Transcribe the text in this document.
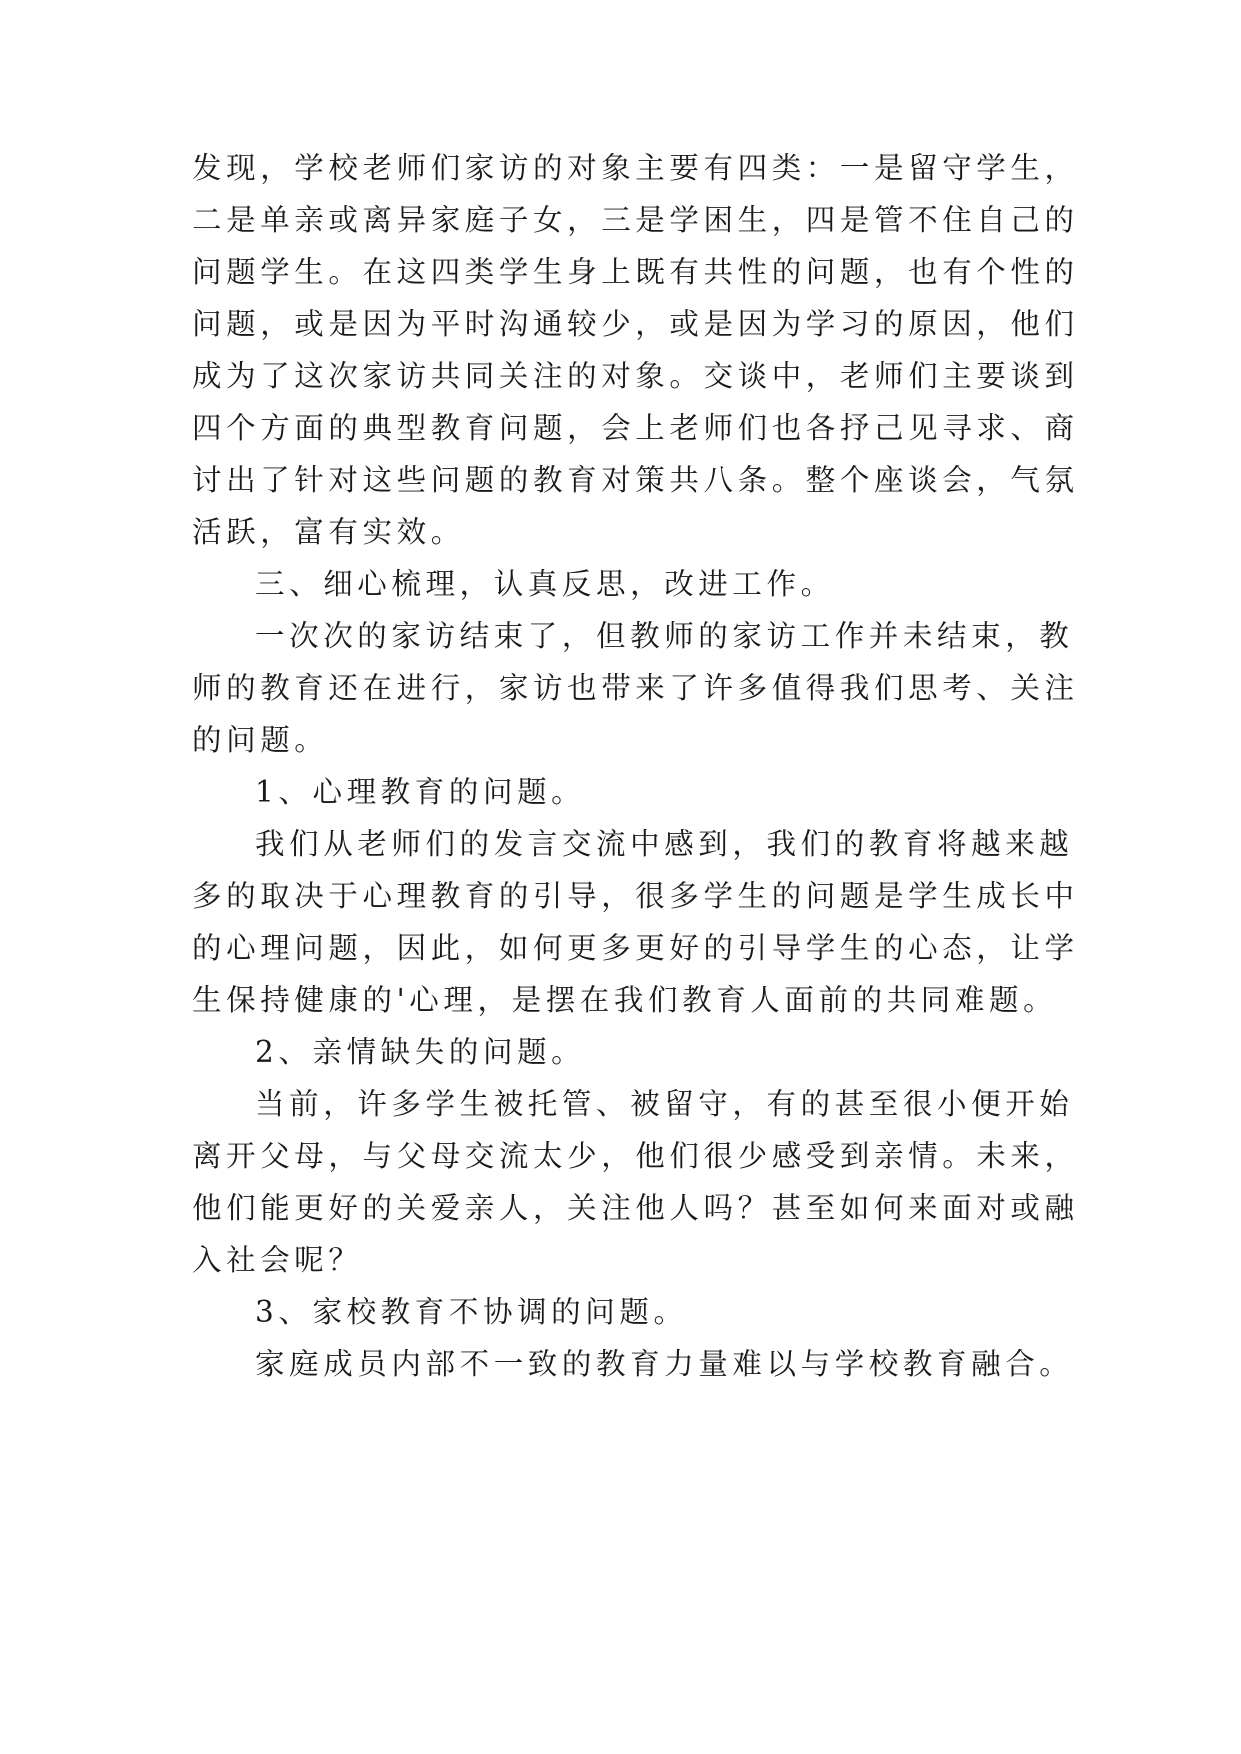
发现，学校老师们家访的对象主要有四类：一是留守学生，
二是单亲或离异家庭子女，三是学困生，四是管不住自己的
问题学生。在这四类学生身上既有共性的问题，也有个性的
问题，或是因为平时沟通较少，或是因为学习的原因，他们
成为了这次家访共同关注的对象。交谈中，老师们主要谈到
四个方面的典型教育问题，会上老师们也各抒己见寻求、商
讨出了针对这些问题的教育对策共八条。整个座谈会，气氛
活跃，富有实效。
三、细心梳理，认真反思，改进工作。
一次次的家访结束了，但教师的家访工作并未结束，教
师的教育还在进行，家访也带来了许多值得我们思考、关注
的问题。
1、心理教育的问题。
我们从老师们的发言交流中感到，我们的教育将越来越
多的取决于心理教育的引导，很多学生的问题是学生成长中
的心理问题，因此，如何更多更好的引导学生的心态，让学
生保持健康的'心理，是摆在我们教育人面前的共同难题。
2、亲情缺失的问题。
当前，许多学生被托管、被留守，有的甚至很小便开始
离开父母，与父母交流太少，他们很少感受到亲情。未来，
他们能更好的关爱亲人，关注他人吗？甚至如何来面对或融
入社会呢？
3、家校教育不协调的问题。
家庭成员内部不一致的教育力量难以与学校教育融合。
